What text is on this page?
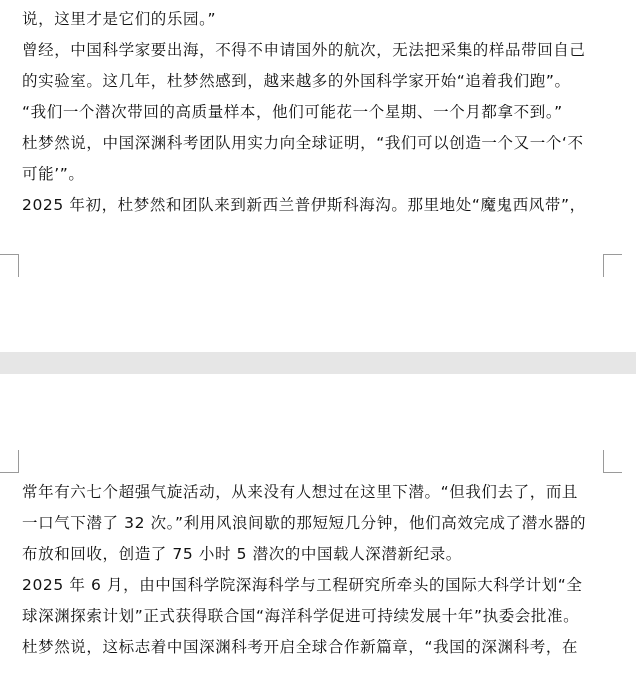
说，这里才是它们的乐园。”
曾经，中国科学家要出海，不得不申请国外的航次，无法把采集的样品带回自己
的实验室。这几年，杜梦然感到，越来越多的外国科学家开始“追着我们跑”。
“我们一个潜次带回的高质量样本，他们可能花一个星期、一个月都拿不到。”
杜梦然说，中国深渊科考团队用实力向全球证明，“我们可以创造一个又一个‘不
可能’”。
2025 年初，杜梦然和团队来到新西兰普伊斯科海沟。那里地处“魔鬼西风带”，
常年有六七个超强气旋活动，从来没有人想过在这里下潜。“但我们去了，而且
一口气下潜了 32 次。”利用风浪间歇的那短短几分钟，他们高效完成了潜水器的
布放和回收，创造了 75 小时 5 潜次的中国载人深潜新纪录。
2025 年 6 月，由中国科学院深海科学与工程研究所牵头的国际大科学计划“全
球深渊探索计划”正式获得联合国“海洋科学促进可持续发展十年”执委会批准。
杜梦然说，这标志着中国深渊科考开启全球合作新篇章，“我国的深渊科考，在
